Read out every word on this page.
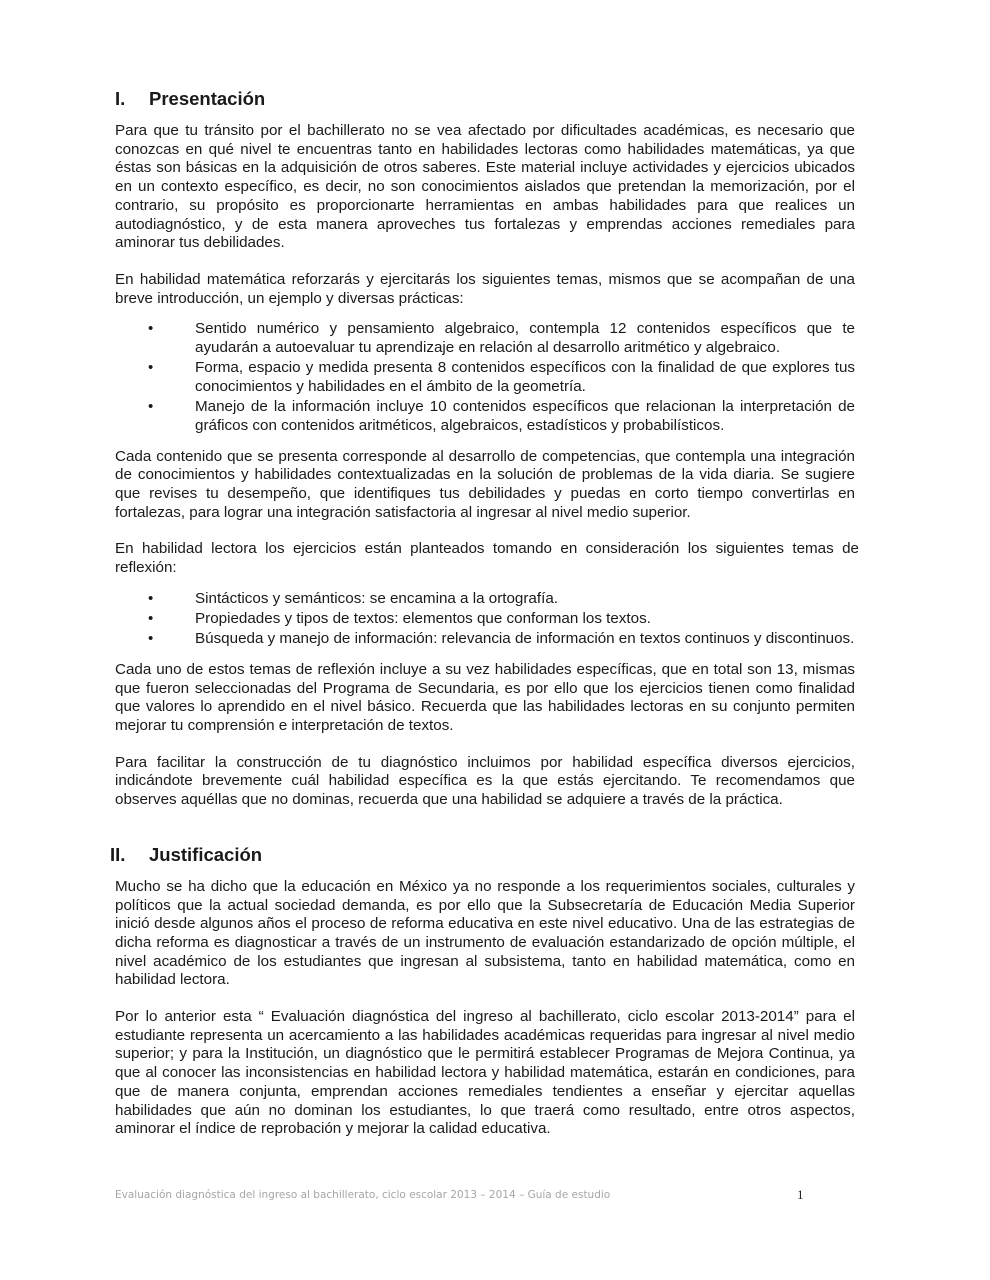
I.	Presentación

Para que tu tránsito por el bachillerato no se vea afectado por dificultades académicas, es necesario que conozcas en qué nivel te encuentras tanto en habilidades lectoras como habilidades matemáticas, ya que éstas son básicas en la adquisición de otros saberes. Este material incluye actividades y ejercicios ubicados en un contexto específico, es decir, no son conocimientos aislados que pretendan la memorización, por el contrario, su propósito es proporcionarte herramientas en ambas habilidades para que realices un autodiagnóstico, y de esta manera aproveches tus fortalezas y emprendas acciones remediales para aminorar tus debilidades.

En habilidad matemática reforzarás y ejercitarás los siguientes temas, mismos que se acompañan de una breve introducción, un ejemplo y diversas prácticas:

• Sentido numérico y pensamiento algebraico, contempla 12 contenidos específicos que te ayudarán a autoevaluar tu aprendizaje en relación al desarrollo aritmético y algebraico.
• Forma, espacio y medida presenta 8 contenidos específicos con la finalidad de que explores tus conocimientos y habilidades en el ámbito de la geometría.
• Manejo de la información incluye 10 contenidos específicos que relacionan la interpretación de gráficos con contenidos aritméticos, algebraicos, estadísticos y probabilísticos.

Cada contenido que se presenta corresponde al desarrollo de competencias, que contempla una integración de conocimientos y habilidades contextualizadas en la solución de problemas de la vida diaria. Se sugiere que revises tu desempeño, que identifiques tus debilidades y puedas en corto tiempo convertirlas en fortalezas, para lograr una integración satisfactoria al ingresar al nivel medio superior.

En habilidad lectora los ejercicios están planteados tomando en consideración los siguientes temas de reflexión:

• Sintácticos y semánticos: se encamina a la ortografía.
• Propiedades y tipos de textos: elementos que conforman los textos.
• Búsqueda y manejo de información: relevancia de información en textos continuos y discontinuos.

Cada uno de estos temas de reflexión incluye a su vez habilidades específicas, que en total son 13, mismas que fueron seleccionadas del Programa de Secundaria, es por ello que los ejercicios tienen como finalidad que valores lo aprendido en el nivel básico. Recuerda que las habilidades lectoras en su conjunto permiten mejorar tu comprensión e interpretación de textos.

Para facilitar la construcción de tu diagnóstico incluimos por habilidad específica diversos ejercicios, indicándote brevemente cuál habilidad específica es la que estás ejercitando. Te recomendamos que observes aquéllas que no dominas, recuerda que una habilidad se adquiere a través de la práctica.

II.	Justificación

Mucho se ha dicho que la educación en México ya no responde a los requerimientos sociales, culturales y políticos que la actual sociedad demanda, es por ello que la Subsecretaría de Educación Media Superior inició desde algunos años el proceso de reforma educativa en este nivel educativo. Una de las estrategias de dicha reforma es diagnosticar a través de un instrumento de evaluación estandarizado de opción múltiple, el nivel académico de los estudiantes que ingresan al subsistema, tanto en habilidad matemática, como en habilidad lectora.

Por lo anterior esta “ Evaluación diagnóstica del ingreso al bachillerato, ciclo escolar 2013-2014” para el estudiante representa un acercamiento a las habilidades académicas requeridas para ingresar al nivel medio superior; y para la Institución, un diagnóstico que le permitirá establecer Programas de Mejora Continua, ya que al conocer las inconsistencias en habilidad lectora y habilidad matemática, estarán en condiciones, para que de manera conjunta, emprendan acciones remediales tendientes a enseñar y ejercitar aquellas habilidades que aún no dominan los estudiantes, lo que traerá como resultado, entre otros aspectos, aminorar el índice de reprobación y mejorar la calidad educativa.

Evaluación diagnóstica del ingreso al bachillerato, ciclo escolar 2013 – 2014 – Guía de estudio	1
